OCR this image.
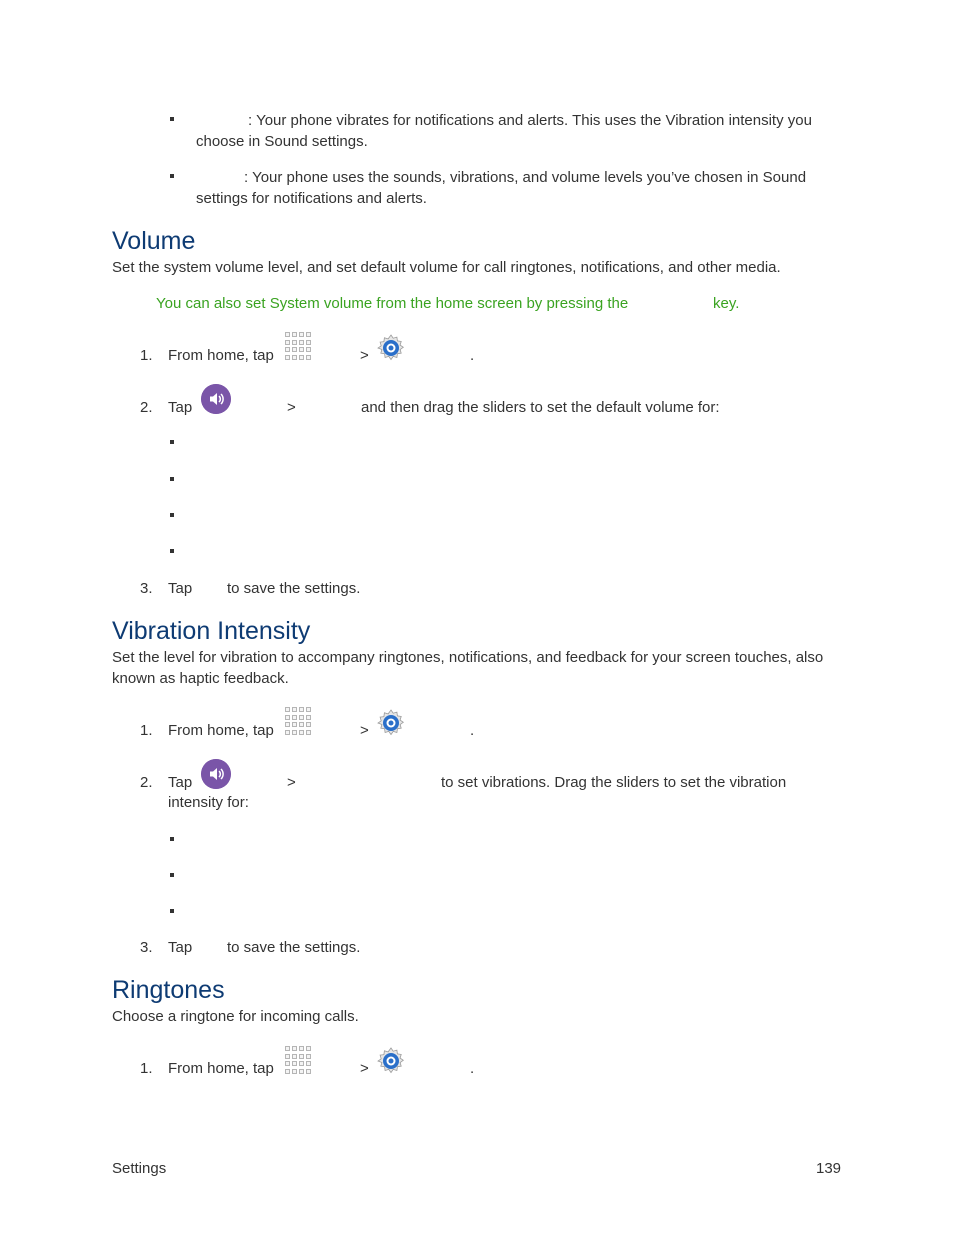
: Your phone vibrates for notifications and alerts. This uses the Vibration intensity you choose in Sound settings.
: Your phone uses the sounds, vibrations, and volume levels you’ve chosen in Sound settings for notifications and alerts.
Volume
Set the system volume level, and set default volume for call ringtones, notifications, and other media.
You can also set System volume from the home screen by pressing the	key.
1. From home, tap	>	.
2. Tap	>	and then drag the sliders to set the default volume for:
3. Tap to save the settings.
Vibration Intensity
Set the level for vibration to accompany ringtones, notifications, and feedback for your screen touches, also known as haptic feedback.
1. From home, tap	>	.
2. Tap	>	to set vibrations. Drag the sliders to set the vibration
intensity for:
3. Tap to save the settings.
Ringtones
Choose a ringtone for incoming calls.
1. From home, tap	>	.
Settings	139
